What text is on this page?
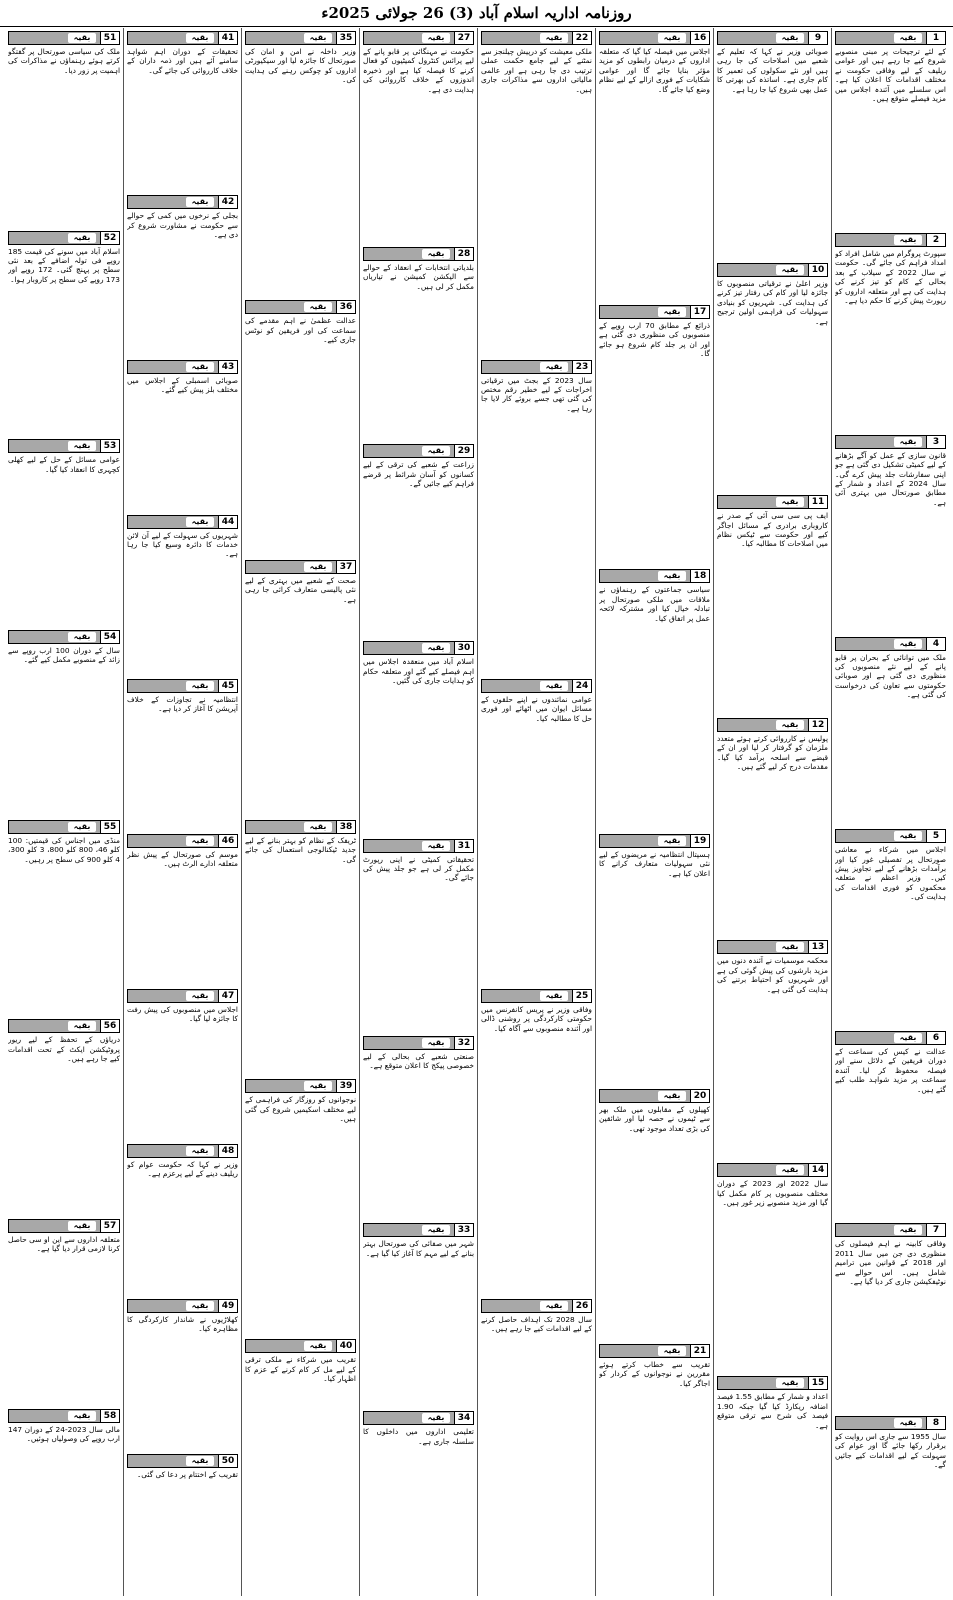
روزنامہ اداریہ اسلام آباد (3) 26 جولائی 2025ء
1
بقیہ
کے لئے ترجیحات پر مبنی منصوبے شروع کیے جا رہے ہیں اور عوامی ریلیف کے لیے وفاقی حکومت نے مختلف اقدامات کا اعلان کیا ہے۔ اس سلسلے میں آئندہ اجلاس میں مزید فیصلے متوقع ہیں۔
2
بقیہ
سپورٹ پروگرام میں شامل افراد کو امداد فراہم کی جائے گی۔ حکومت نے سال 2022 کے سیلاب کے بعد بحالی کے کام کو تیز کرنے کی ہدایت کی ہے اور متعلقہ اداروں کو رپورٹ پیش کرنے کا حکم دیا ہے۔
3
بقیہ
قانون سازی کے عمل کو آگے بڑھانے کے لیے کمیٹی تشکیل دی گئی ہے جو اپنی سفارشات جلد پیش کرے گی۔ سال 2024 کے اعداد و شمار کے مطابق صورتحال میں بہتری آئی ہے۔
4
بقیہ
ملک میں توانائی کے بحران پر قابو پانے کے لیے نئے منصوبوں کی منظوری دی گئی ہے اور صوبائی حکومتوں سے تعاون کی درخواست کی گئی ہے۔
5
بقیہ
اجلاس میں شرکاء نے معاشی صورتحال پر تفصیلی غور کیا اور برآمدات بڑھانے کے لیے تجاویز پیش کیں۔ وزیر اعظم نے متعلقہ محکموں کو فوری اقدامات کی ہدایت کی۔
6
بقیہ
عدالت نے کیس کی سماعت کے دوران فریقین کے دلائل سنے اور فیصلہ محفوظ کر لیا۔ آئندہ سماعت پر مزید شواہد طلب کیے گئے ہیں۔
7
بقیہ
وفاقی کابینہ نے اہم فیصلوں کی منظوری دی جن میں سال 2011 اور 2018 کے قوانین میں ترامیم شامل ہیں۔ اس حوالے سے نوٹیفکیشن جاری کر دیا گیا ہے۔
8
بقیہ
سال 1955 سے جاری اس روایت کو برقرار رکھا جائے گا اور عوام کی سہولت کے لیے اقدامات کیے جائیں گے۔
9
بقیہ
صوبائی وزیر نے کہا کہ تعلیم کے شعبے میں اصلاحات کی جا رہی ہیں اور نئے سکولوں کی تعمیر کا کام جاری ہے۔ اساتذہ کی بھرتی کا عمل بھی شروع کیا جا رہا ہے۔
10
بقیہ
وزیر اعلیٰ نے ترقیاتی منصوبوں کا جائزہ لیا اور کام کی رفتار تیز کرنے کی ہدایت کی۔ شہریوں کو بنیادی سہولیات کی فراہمی اولین ترجیح ہے۔
11
بقیہ
ایف پی سی سی آئی کے صدر نے کاروباری برادری کے مسائل اجاگر کیے اور حکومت سے ٹیکس نظام میں اصلاحات کا مطالبہ کیا۔
12
بقیہ
پولیس نے کارروائی کرتے ہوئے متعدد ملزمان کو گرفتار کر لیا اور ان کے قبضے سے اسلحہ برآمد کیا گیا۔ مقدمات درج کر لیے گئے ہیں۔
13
بقیہ
محکمہ موسمیات نے آئندہ دنوں میں مزید بارشوں کی پیش گوئی کی ہے اور شہریوں کو احتیاط برتنے کی ہدایت کی گئی ہے۔
14
بقیہ
سال 2022 اور 2023 کے دوران مختلف منصوبوں پر کام مکمل کیا گیا اور مزید منصوبے زیر غور ہیں۔
15
بقیہ
اعداد و شمار کے مطابق 1.55 فیصد اضافہ ریکارڈ کیا گیا جبکہ 1.90 فیصد کی شرح سے ترقی متوقع ہے۔
16
بقیہ
اجلاس میں فیصلہ کیا گیا کہ متعلقہ اداروں کے درمیان رابطوں کو مزید مؤثر بنایا جائے گا اور عوامی شکایات کے فوری ازالے کے لیے نظام وضع کیا جائے گا۔
17
بقیہ
ذرائع کے مطابق 70 ارب روپے کے منصوبوں کی منظوری دی گئی ہے اور ان پر جلد کام شروع ہو جائے گا۔
18
بقیہ
سیاسی جماعتوں کے رہنماؤں نے ملاقات میں ملکی صورتحال پر تبادلہ خیال کیا اور مشترکہ لائحہ عمل پر اتفاق کیا۔
19
بقیہ
ہسپتال انتظامیہ نے مریضوں کے لیے نئی سہولیات متعارف کرانے کا اعلان کیا ہے۔
20
بقیہ
کھیلوں کے مقابلوں میں ملک بھر سے ٹیموں نے حصہ لیا اور شائقین کی بڑی تعداد موجود تھی۔
21
بقیہ
تقریب سے خطاب کرتے ہوئے مقررین نے نوجوانوں کے کردار کو اجاگر کیا۔
22
بقیہ
ملکی معیشت کو درپیش چیلنجز سے نمٹنے کے لیے جامع حکمت عملی ترتیب دی جا رہی ہے اور عالمی مالیاتی اداروں سے مذاکرات جاری ہیں۔
23
بقیہ
سال 2023 کے بجٹ میں ترقیاتی اخراجات کے لیے خطیر رقم مختص کی گئی تھی جسے بروئے کار لایا جا رہا ہے۔
24
بقیہ
عوامی نمائندوں نے اپنے حلقوں کے مسائل ایوان میں اٹھائے اور فوری حل کا مطالبہ کیا۔
25
بقیہ
وفاقی وزیر نے پریس کانفرنس میں حکومتی کارکردگی پر روشنی ڈالی اور آئندہ منصوبوں سے آگاہ کیا۔
26
بقیہ
سال 2028 تک اہداف حاصل کرنے کے لیے اقدامات کیے جا رہے ہیں۔
27
بقیہ
حکومت نے مہنگائی پر قابو پانے کے لیے پرائس کنٹرول کمیٹیوں کو فعال کرنے کا فیصلہ کیا ہے اور ذخیرہ اندوزوں کے خلاف کارروائی کی ہدایت دی ہے۔
28
بقیہ
بلدیاتی انتخابات کے انعقاد کے حوالے سے الیکشن کمیشن نے تیاریاں مکمل کر لی ہیں۔
29
بقیہ
زراعت کے شعبے کی ترقی کے لیے کسانوں کو آسان شرائط پر قرضے فراہم کیے جائیں گے۔
30
بقیہ
اسلام آباد میں منعقدہ اجلاس میں اہم فیصلے کیے گئے اور متعلقہ حکام کو ہدایات جاری کی گئیں۔
31
بقیہ
تحقیقاتی کمیٹی نے اپنی رپورٹ مکمل کر لی ہے جو جلد پیش کی جائے گی۔
32
بقیہ
صنعتی شعبے کی بحالی کے لیے خصوصی پیکج کا اعلان متوقع ہے۔
33
بقیہ
شہر میں صفائی کی صورتحال بہتر بنانے کے لیے مہم کا آغاز کیا گیا ہے۔
34
بقیہ
تعلیمی اداروں میں داخلوں کا سلسلہ جاری ہے۔
35
بقیہ
وزیر داخلہ نے امن و امان کی صورتحال کا جائزہ لیا اور سیکیورٹی اداروں کو چوکس رہنے کی ہدایت کی۔
36
بقیہ
عدالت عظمیٰ نے اہم مقدمے کی سماعت کی اور فریقین کو نوٹس جاری کیے۔
37
بقیہ
صحت کے شعبے میں بہتری کے لیے نئی پالیسی متعارف کرائی جا رہی ہے۔
38
بقیہ
ٹریفک کے نظام کو بہتر بنانے کے لیے جدید ٹیکنالوجی استعمال کی جائے گی۔
39
بقیہ
نوجوانوں کو روزگار کی فراہمی کے لیے مختلف اسکیمیں شروع کی گئی ہیں۔
40
بقیہ
تقریب میں شرکاء نے ملکی ترقی کے لیے مل کر کام کرنے کے عزم کا اظہار کیا۔
41
بقیہ
تحقیقات کے دوران اہم شواہد سامنے آئے ہیں اور ذمہ داران کے خلاف کارروائی کی جائے گی۔
42
بقیہ
بجلی کے نرخوں میں کمی کے حوالے سے حکومت نے مشاورت شروع کر دی ہے۔
43
بقیہ
صوبائی اسمبلی کے اجلاس میں مختلف بلز پیش کیے گئے۔
44
بقیہ
شہریوں کی سہولت کے لیے آن لائن خدمات کا دائرہ وسیع کیا جا رہا ہے۔
45
بقیہ
انتظامیہ نے تجاوزات کے خلاف آپریشن کا آغاز کر دیا ہے۔
46
بقیہ
موسم کی صورتحال کے پیش نظر متعلقہ ادارے الرٹ ہیں۔
47
بقیہ
اجلاس میں منصوبوں کی پیش رفت کا جائزہ لیا گیا۔
48
بقیہ
وزیر نے کہا کہ حکومت عوام کو ریلیف دینے کے لیے پرعزم ہے۔
49
بقیہ
کھلاڑیوں نے شاندار کارکردگی کا مظاہرہ کیا۔
50
بقیہ
تقریب کے اختتام پر دعا کی گئی۔
51
بقیہ
ملک کی سیاسی صورتحال پر گفتگو کرتے ہوئے رہنماؤں نے مذاکرات کی اہمیت پر زور دیا۔
52
بقیہ
اسلام آباد میں سونے کی قیمت 185 روپے فی تولہ اضافے کے بعد نئی سطح پر پہنچ گئی۔ 172 روپے اور 173 روپے کی سطح پر کاروبار ہوا۔
53
بقیہ
عوامی مسائل کے حل کے لیے کھلی کچہری کا انعقاد کیا گیا۔
54
بقیہ
سال کے دوران 100 ارب روپے سے زائد کے منصوبے مکمل کیے گئے۔
55
بقیہ
منڈی میں اجناس کی قیمتیں: 100 کلو 46، 800 کلو 800، 3 کلو 300، 4 کلو 900 کی سطح پر رہیں۔
56
بقیہ
دریاؤں کے تحفظ کے لیے ریور پروٹیکشن ایکٹ کے تحت اقدامات کیے جا رہے ہیں۔
57
بقیہ
متعلقہ اداروں سے این او سی حاصل کرنا لازمی قرار دیا گیا ہے۔
58
بقیہ
مالی سال 2023-24 کے دوران 147 ارب روپے کی وصولیاں ہوئیں۔
